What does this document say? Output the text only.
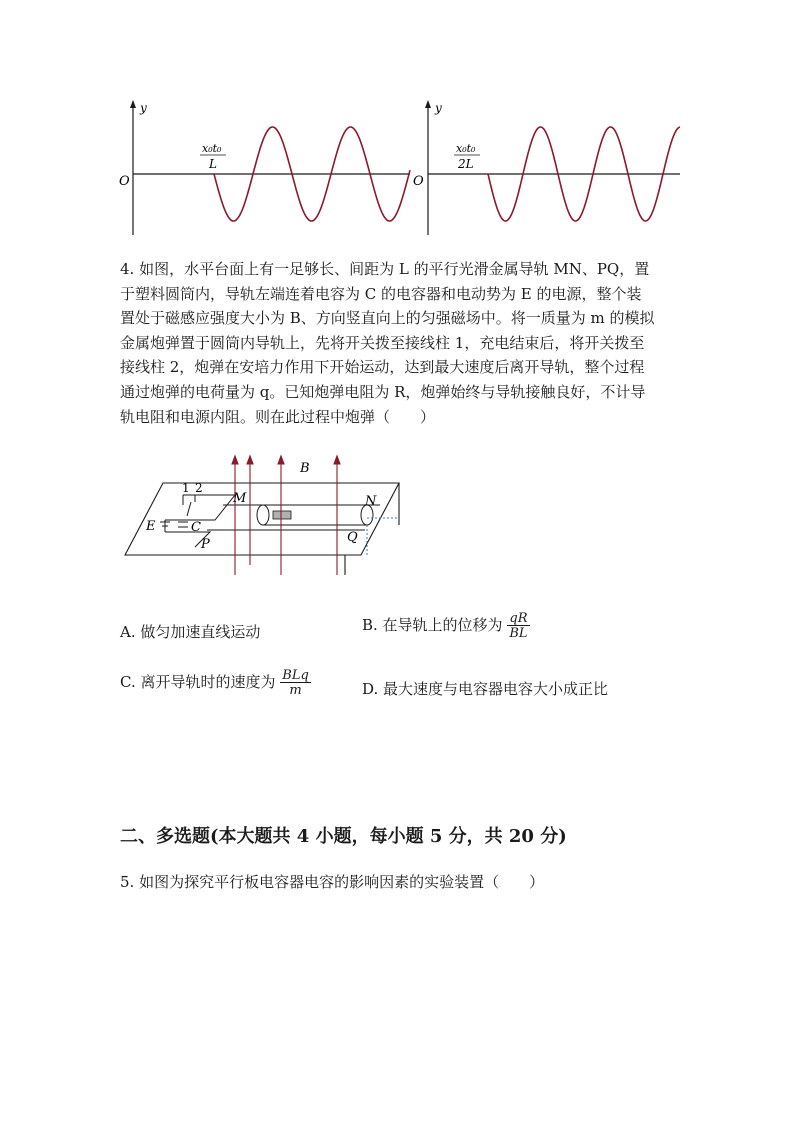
y
O
x₀t₀
L
y
O
x₀t₀
2L
4. 如图，水平台面上有一足够长、间距为 L 的平行光滑金属导轨 MN、PQ，置
于塑料圆筒内，导轨左端连着电容为 C 的电容器和电动势为 E 的电源，整个装
置处于磁感应强度大小为 B、方向竖直向上的匀强磁场中。将一质量为 m 的模拟
金属炮弹置于圆筒内导轨上，先将开关拨至接线柱 1，充电结束后，将开关拨至
接线柱 2，炮弹在安培力作用下开始运动，达到最大速度后离开导轨，整个过程
通过炮弹的电荷量为 q。已知炮弹电阻为 R，炮弹始终与导轨接触良好，不计导
轨电阻和电源内阻。则在此过程中炮弹（　　）
B
1 2
M	N
E	C
P	Q
A. 做匀加速直线运动	B. 在导轨上的位移为 $\frac{qR}{BL}$
C. 离开导轨时的速度为 $\frac{\text{BLq}}{m}$	D. 最大速度与电容器电容大小成正比
二、多选题(本大题共 4 小题，每小题 5 分，共 20 分)
5. 如图为探究平行板电容器电容的影响因素的实验装置（　　）
